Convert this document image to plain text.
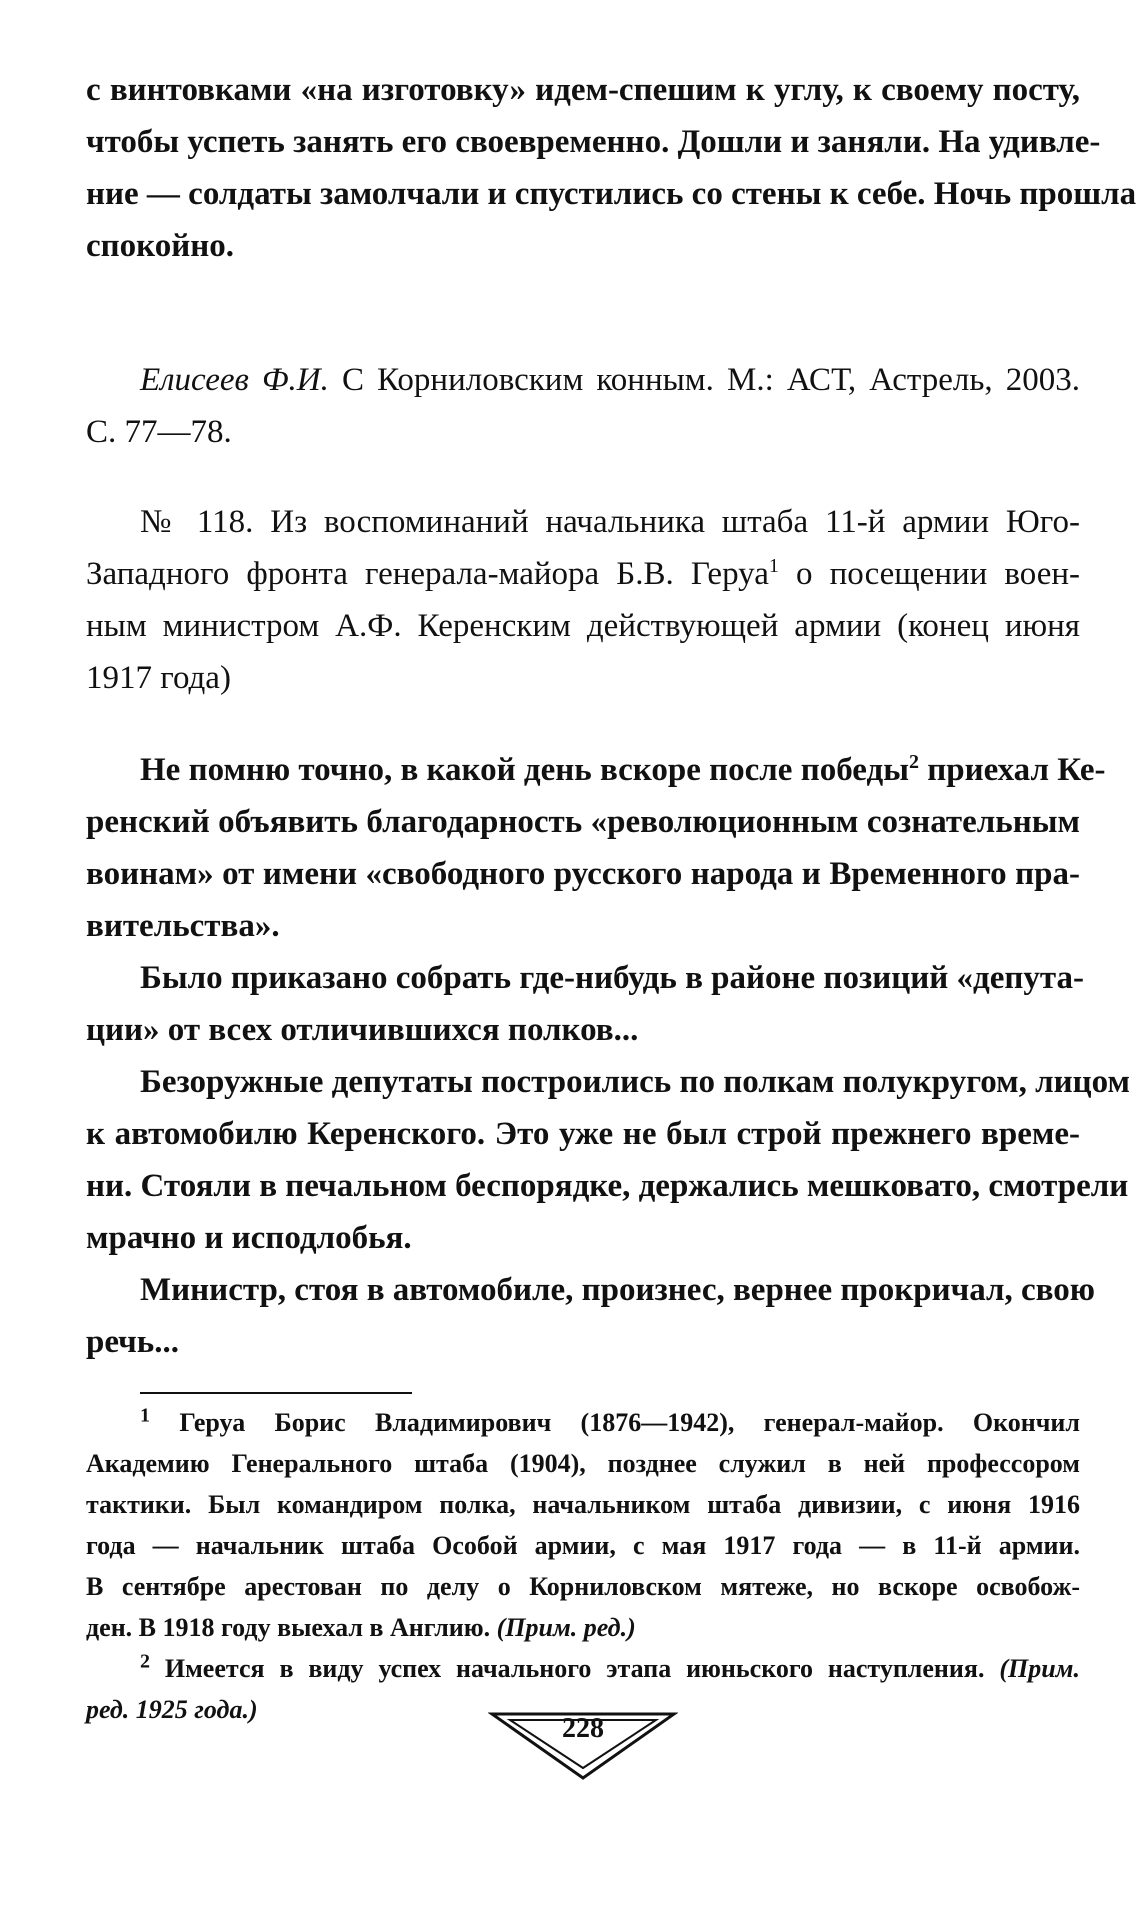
с винтовками «на изготовку» идем-спешим к углу, к своему посту,
чтобы успеть занять его своевременно. Дошли и заняли. На удивле-
ние — солдаты замолчали и спустились со стены к себе. Ночь прошла
спокойно.
Елисеев Ф.И. С Корниловским конным. М.: АСТ, Астрель, 2003.
С. 77—78.
№ 118. Из воспоминаний начальника штаба 11-й армии Юго-
Западного фронта генерала-майора Б.В. Геруа$^1$ о посещении воен-
ным министром А.Ф. Керенским действующей армии (конец июня
1917 года)
Не помню точно, в какой день вскоре после победы$^2$ приехал Ке-
ренский объявить благодарность «революционным сознательным
воинам» от имени «свободного русского народа и Временного пра-
вительства».
Было приказано собрать где-нибудь в районе позиций «депута-
ции» от всех отличившихся полков...
Безоружные депутаты построились по полкам полукругом, лицом
к автомобилю Керенского. Это уже не был строй прежнего време-
ни. Стояли в печальном беспорядке, держались мешковато, смотрели
мрачно и исподлобья.
Министр, стоя в автомобиле, произнес, вернее прокричал, свою
речь...
$^1$ Геруа Борис Владимирович (1876—1942), генерал-майор. Окончил
Академию Генерального штаба (1904), позднее служил в ней профессором
тактики. Был командиром полка, начальником штаба дивизии, с июня 1916
года — начальник штаба Особой армии, с мая 1917 года — в 11-й армии.
В сентябре арестован по делу о Корниловском мятеже, но вскоре освобож-
ден. В 1918 году выехал в Англию. (Прим. ред.)
$^2$ Имеется в виду успех начального этапа июньского наступления. (Прим.
ред. 1925 года.)
228
